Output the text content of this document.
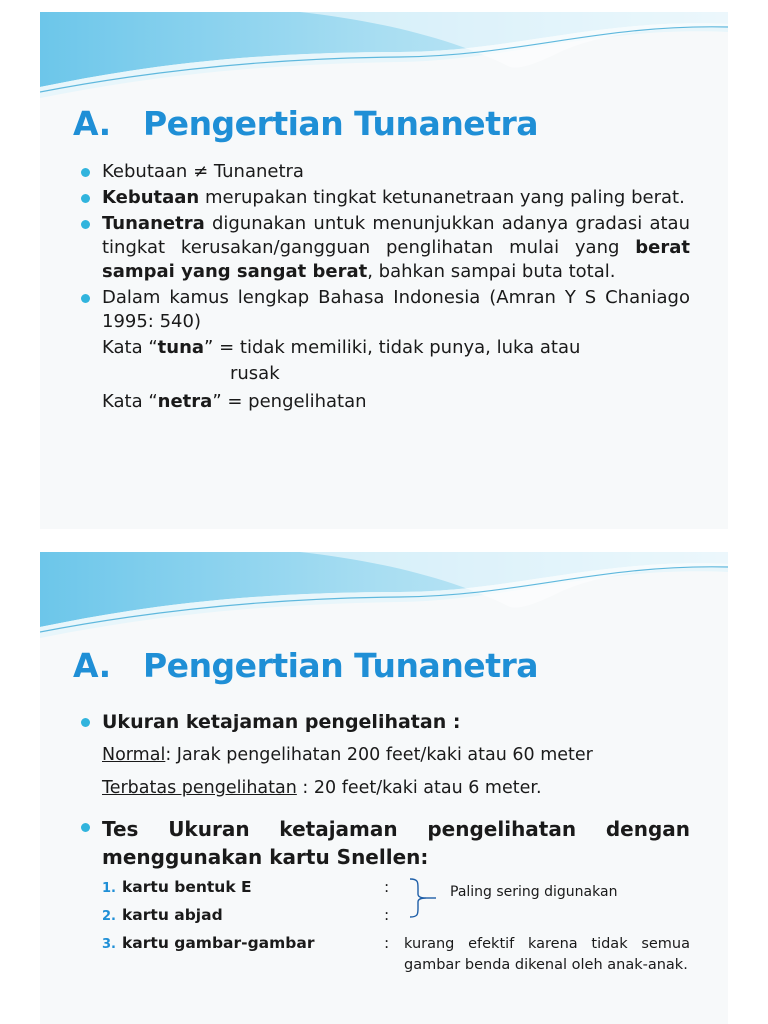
A. Pengertian Tunanetra
Kebutaan ≠ Tunanetra
Kebutaan merupakan tingkat ketunanetraan yang paling berat.
Tunanetra digunakan untuk menunjukkan adanya gradasi atau tingkat kerusakan/gangguan penglihatan mulai yang berat sampai yang sangat berat, bahkan sampai buta total.
Dalam kamus lengkap Bahasa Indonesia (Amran Y S Chaniago 1995: 540)
Kata “tuna” = tidak memiliki, tidak punya, luka atau
rusak
Kata “netra” = pengelihatan
A. Pengertian Tunanetra
Ukuran ketajaman pengelihatan :
Normal: Jarak pengelihatan 200 feet/kaki atau 60 meter
Terbatas pengelihatan : 20 feet/kaki atau 6 meter.
Tes Ukuran ketajaman pengelihatan dengan menggunakan kartu Snellen:
1. kartu bentuk E	:	Paling sering digunakan
2. kartu abjad	:
3. kartu gambar-gambar	: kurang efektif karena tidak semua gambar benda dikenal oleh anak-anak.
